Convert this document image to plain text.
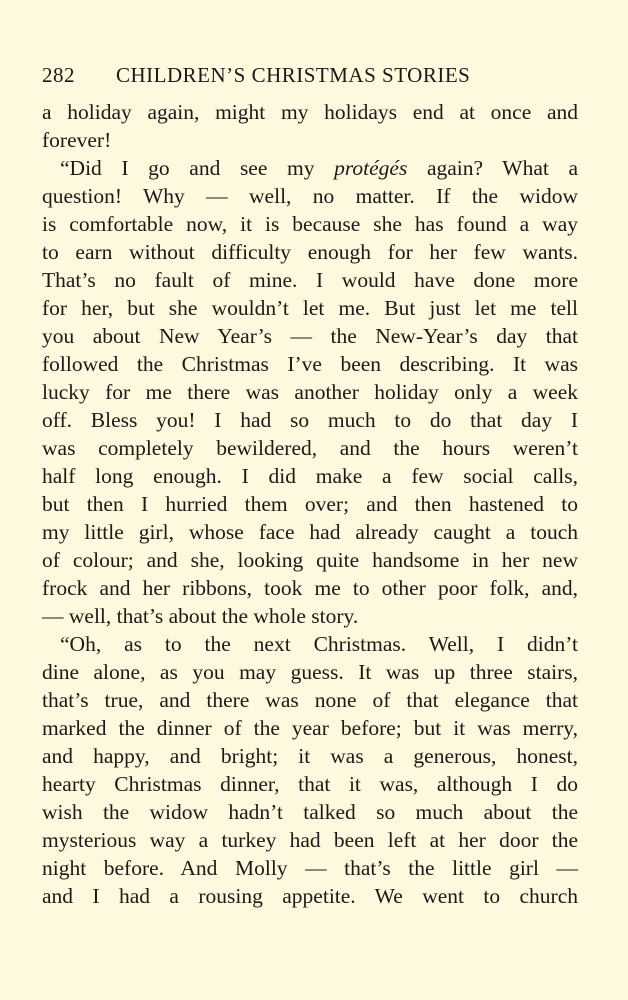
282 CHILDREN’S CHRISTMAS STORIES
a holiday again, might my holidays end at once and
forever!
“Did I go and see my protégés again? What a
question! Why — well, no matter. If the widow
is comfortable now, it is because she has found a way
to earn without difficulty enough for her few wants.
That’s no fault of mine. I would have done more
for her, but she wouldn’t let me. But just let me tell
you about New Year’s — the New-Year’s day that
followed the Christmas I’ve been describing. It was
lucky for me there was another holiday only a week
off. Bless you! I had so much to do that day I
was completely bewildered, and the hours weren’t
half long enough. I did make a few social calls,
but then I hurried them over; and then hastened to
my little girl, whose face had already caught a touch
of colour; and she, looking quite handsome in her new
frock and her ribbons, took me to other poor folk, and,
— well, that’s about the whole story.
“Oh, as to the next Christmas. Well, I didn’t
dine alone, as you may guess. It was up three stairs,
that’s true, and there was none of that elegance that
marked the dinner of the year before; but it was merry,
and happy, and bright; it was a generous, honest,
hearty Christmas dinner, that it was, although I do
wish the widow hadn’t talked so much about the
mysterious way a turkey had been left at her door the
night before. And Molly — that’s the little girl —
and I had a rousing appetite. We went to church
